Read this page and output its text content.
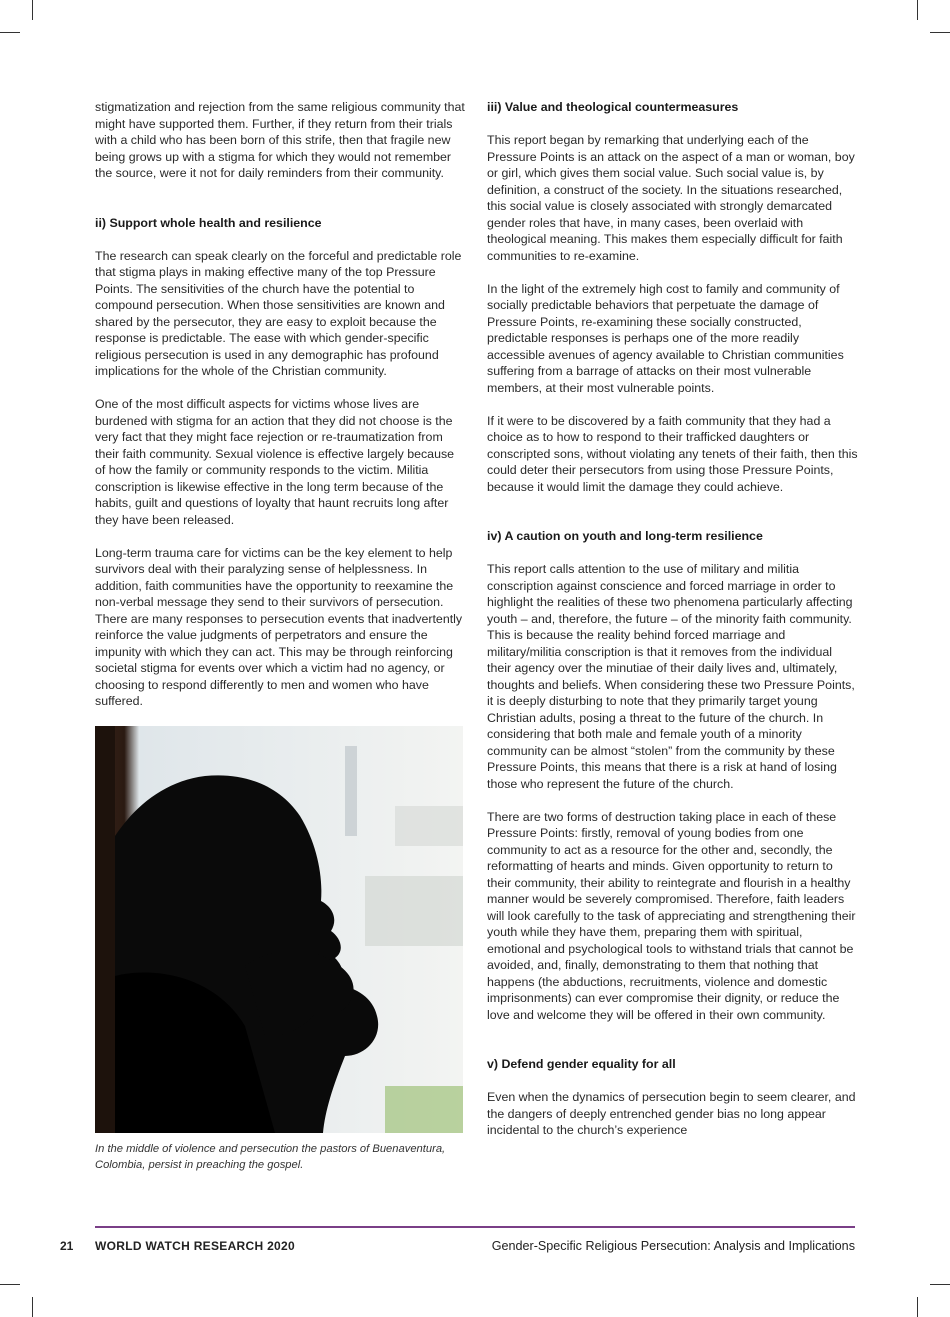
stigmatization and rejection from the same religious community that might have supported them. Further, if they return from their trials with a child who has been born of this strife, then that fragile new being grows up with a stigma for which they would not remember the source, were it not for daily reminders from their community.

ii) Support whole health and resilience

The research can speak clearly on the forceful and predictable role that stigma plays in making effective many of the top Pressure Points. The sensitivities of the church have the potential to compound persecution. When those sensitivities are known and shared by the persecutor, they are easy to exploit because the response is predictable. The ease with which gender-specific religious persecution is used in any demographic has profound implications for the whole of the Christian community.

One of the most difficult aspects for victims whose lives are burdened with stigma for an action that they did not choose is the very fact that they might face rejection or re-traumatization from their faith community. Sexual violence is effective largely because of how the family or community responds to the victim. Militia conscription is likewise effective in the long term because of the habits, guilt and questions of loyalty that haunt recruits long after they have been released.

Long-term trauma care for victims can be the key element to help survivors deal with their paralyzing sense of helplessness. In addition, faith communities have the opportunity to reexamine the non-verbal message they send to their survivors of persecution. There are many responses to persecution events that inadvertently reinforce the value judgments of perpetrators and ensure the impunity with which they can act. This may be through reinforcing societal stigma for events over which a victim had no agency, or choosing to respond differently to men and women who have suffered.

In the middle of violence and persecution the pastors of Buenaventura, Colombia, persist in preaching the gospel.
iii) Value and theological countermeasures

This report began by remarking that underlying each of the Pressure Points is an attack on the aspect of a man or woman, boy or girl, which gives them social value. Such social value is, by definition, a construct of the society. In the situations researched, this social value is closely associated with strongly demarcated gender roles that have, in many cases, been overlaid with theological meaning. This makes them especially difficult for faith communities to re-examine.

In the light of the extremely high cost to family and community of socially predictable behaviors that perpetuate the damage of Pressure Points, re-examining these socially constructed, predictable responses is perhaps one of the more readily accessible avenues of agency available to Christian communities suffering from a barrage of attacks on their most vulnerable members, at their most vulnerable points.

If it were to be discovered by a faith community that they had a choice as to how to respond to their trafficked daughters or conscripted sons, without violating any tenets of their faith, then this could deter their persecutors from using those Pressure Points, because it would limit the damage they could achieve.

iv) A caution on youth and long-term resilience

This report calls attention to the use of military and militia conscription against conscience and forced marriage in order to highlight the realities of these two phenomena particularly affecting youth – and, therefore, the future – of the minority faith community. This is because the reality behind forced marriage and military/militia conscription is that it removes from the individual their agency over the minutiae of their daily lives and, ultimately, thoughts and beliefs. When considering these two Pressure Points, it is deeply disturbing to note that they primarily target young Christian adults, posing a threat to the future of the church. In considering that both male and female youth of a minority community can be almost “stolen” from the community by these Pressure Points, this means that there is a risk at hand of losing those who represent the future of the church.

There are two forms of destruction taking place in each of these Pressure Points: firstly, removal of young bodies from one community to act as a resource for the other and, secondly, the reformatting of hearts and minds. Given opportunity to return to their community, their ability to reintegrate and flourish in a healthy manner would be severely compromised. Therefore, faith leaders will look carefully to the task of appreciating and strengthening their youth while they have them, preparing them with spiritual, emotional and psychological tools to withstand trials that cannot be avoided, and, finally, demonstrating to them that nothing that happens (the abductions, recruitments, violence and domestic imprisonments) can ever compromise their dignity, or reduce the love and welcome they will be offered in their own community.

v) Defend gender equality for all

Even when the dynamics of persecution begin to seem clearer, and the dangers of deeply entrenched gender bias no long appear incidental to the church’s experience

21 WORLD WATCH RESEARCH 2020	Gender-Specific Religious Persecution: Analysis and Implications
